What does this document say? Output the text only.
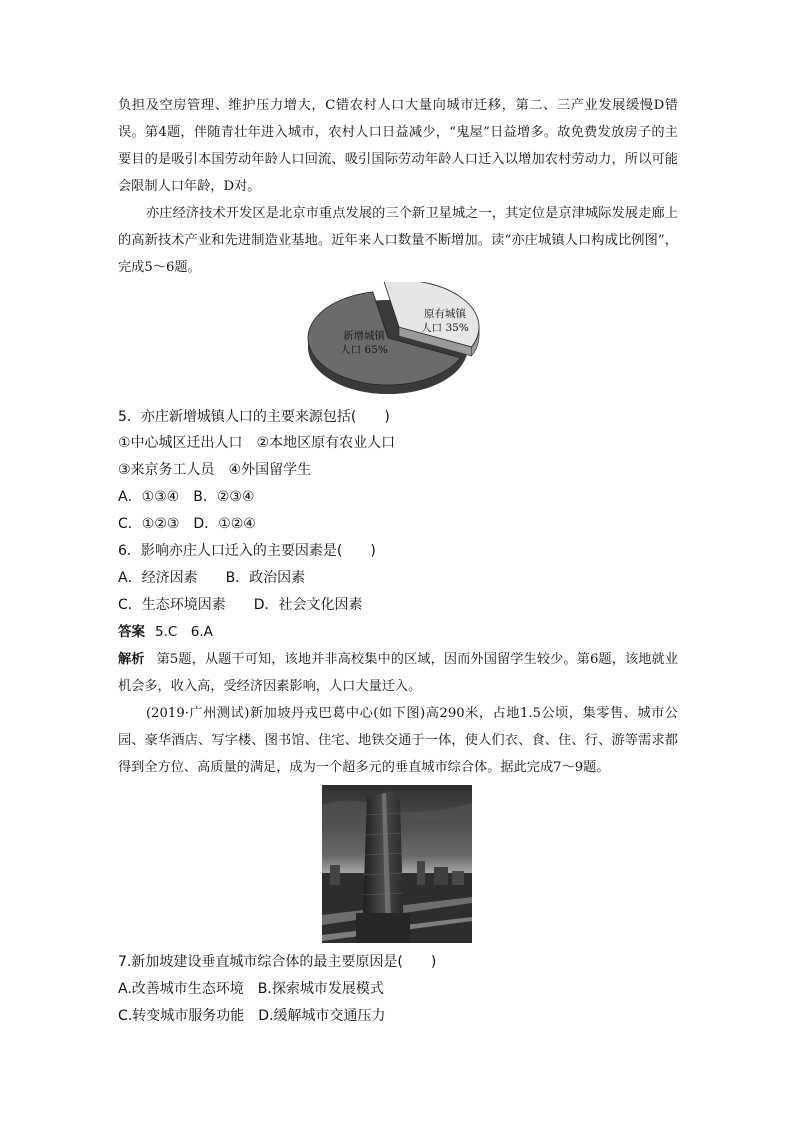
负担及空房管理、维护压力增大，C错农村人口大量向城市迁移，第二、三产业发展缓慢D错误。第4题，伴随青壮年进入城市，农村人口日益减少，“鬼屋”日益增多。故免费发放房子的主要目的是吸引本国劳动年龄人口回流、吸引国际劳动年龄人口迁入以增加农村劳动力，所以可能会限制人口年龄，D对。

亦庄经济技术开发区是北京市重点发展的三个新卫星城之一，其定位是京津城际发展走廊上的高新技术产业和先进制造业基地。近年来人口数量不断增加。读“亦庄城镇人口构成比例图”，完成5～6题。

新增城镇
人口 65%
原有城镇
人口 35%

5．亦庄新增城镇人口的主要来源包括(　　)

①中心城区迁出人口　②本地区原有农业人口

③来京务工人员　④外国留学生

A．①③④　B．②③④

C．①②③　D．①②④

6．影响亦庄人口迁入的主要因素是(　　)

A．经济因素　　B．政治因素

C．生态环境因素　　D．社会文化因素

答案 5.C　6.A

解析 第5题，从题干可知，该地并非高校集中的区域，因而外国留学生较少。第6题，该地就业机会多，收入高，受经济因素影响，人口大量迁入。

(2019·广州测试)新加坡丹戎巴葛中心(如下图)高290米，占地1.5公顷，集零售、城市公园、豪华酒店、写字楼、图书馆、住宅、地铁交通于一体，使人们衣、食、住、行、游等需求都得到全方位、高质量的满足，成为一个超多元的垂直城市综合体。据此完成7～9题。

7.新加坡建设垂直城市综合体的最主要原因是(　　)

A.改善城市生态环境　B.探索城市发展模式

C.转变城市服务功能　D.缓解城市交通压力
